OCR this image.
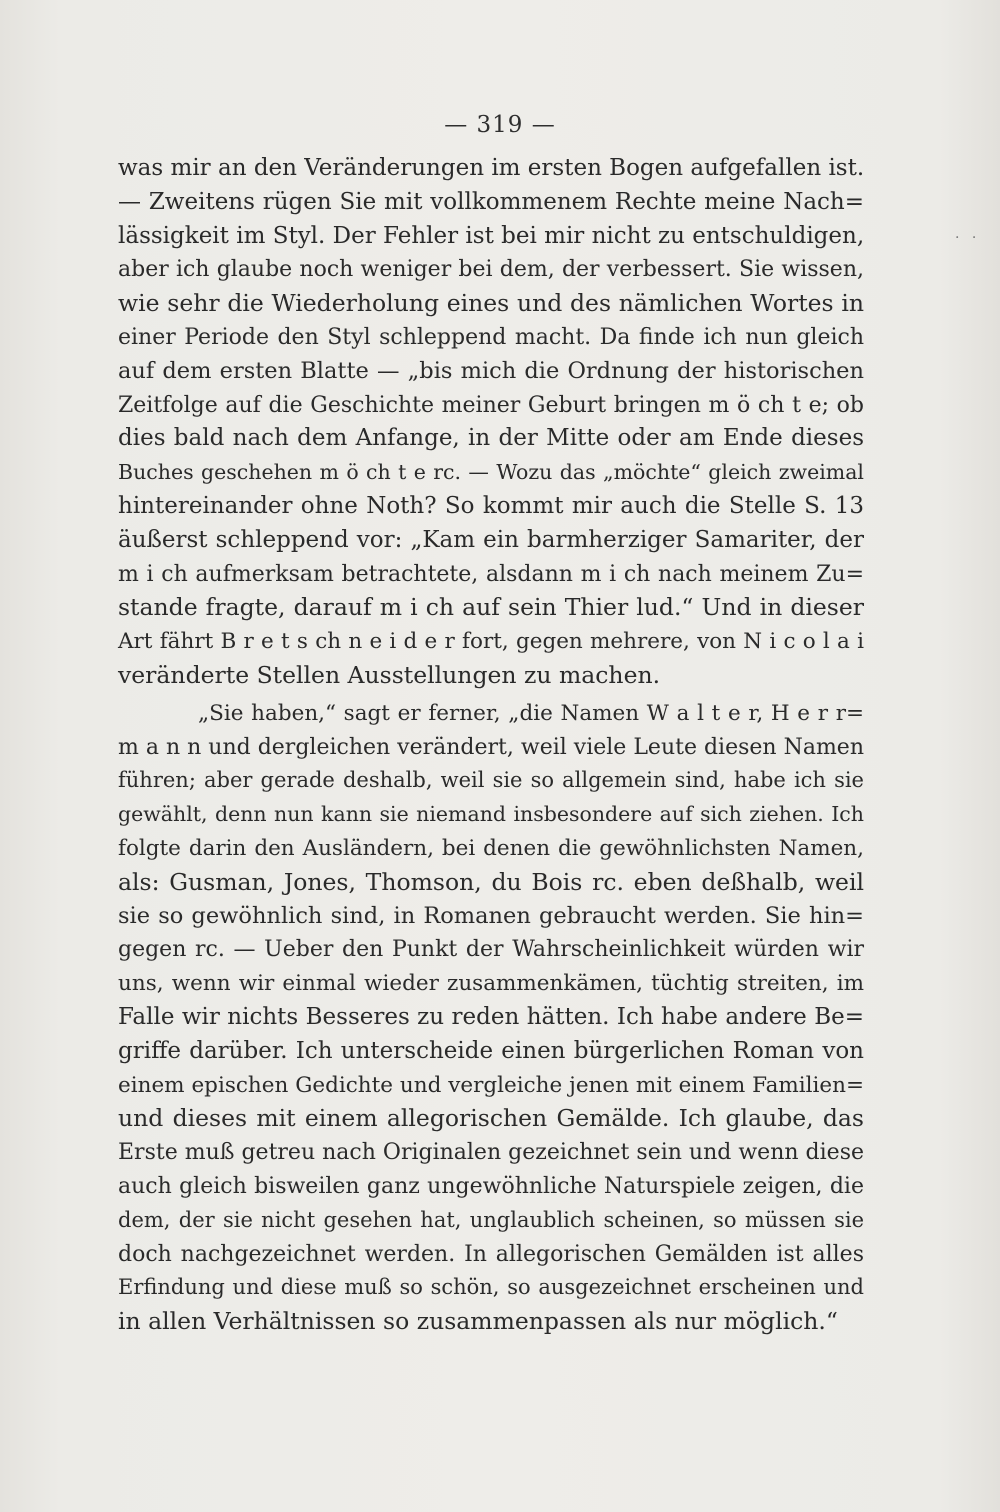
— 319 —
· ·
was mir an den Veränderungen im ersten Bogen aufgefallen ist.
— Zweitens rügen Sie mit vollkommenem Rechte meine Nach=
lässigkeit im Styl. Der Fehler ist bei mir nicht zu entschuldigen,
aber ich glaube noch weniger bei dem, der verbessert. Sie wissen,
wie sehr die Wiederholung eines und des nämlichen Wortes in
einer Periode den Styl schleppend macht. Da finde ich nun gleich
auf dem ersten Blatte — „bis mich die Ordnung der historischen
Zeitfolge auf die Geschichte meiner Geburt bringen m ö ch t e; ob
dies bald nach dem Anfange, in der Mitte oder am Ende dieses
Buches geschehen m ö ch t e rc. — Wozu das „möchte“ gleich zweimal
hintereinander ohne Noth? So kommt mir auch die Stelle S. 13
äußerst schleppend vor: „Kam ein barmherziger Samariter, der
m i ch aufmerksam betrachtete, alsdann m i ch nach meinem Zu=
stande fragte, darauf m i ch auf sein Thier lud.“ Und in dieser
Art fährt B r e t s ch n e i d e r fort, gegen mehrere, von N i c o l a i
veränderte Stellen Ausstellungen zu machen.
„Sie haben,“ sagt er ferner, „die Namen W a l t e r, H e r r=
m a n n und dergleichen verändert, weil viele Leute diesen Namen
führen; aber gerade deshalb, weil sie so allgemein sind, habe ich sie
gewählt, denn nun kann sie niemand insbesondere auf sich ziehen. Ich
folgte darin den Ausländern, bei denen die gewöhnlichsten Namen,
als: Gusman, Jones, Thomson, du Bois rc. eben deßhalb, weil
sie so gewöhnlich sind, in Romanen gebraucht werden. Sie hin=
gegen rc. — Ueber den Punkt der Wahrscheinlichkeit würden wir
uns, wenn wir einmal wieder zusammenkämen, tüchtig streiten, im
Falle wir nichts Besseres zu reden hätten. Ich habe andere Be=
griffe darüber. Ich unterscheide einen bürgerlichen Roman von
einem epischen Gedichte und vergleiche jenen mit einem Familien=
und dieses mit einem allegorischen Gemälde. Ich glaube, das
Erste muß getreu nach Originalen gezeichnet sein und wenn diese
auch gleich bisweilen ganz ungewöhnliche Naturspiele zeigen, die
dem, der sie nicht gesehen hat, unglaublich scheinen, so müssen sie
doch nachgezeichnet werden. In allegorischen Gemälden ist alles
Erfindung und diese muß so schön, so ausgezeichnet erscheinen und
in allen Verhältnissen so zusammenpassen als nur möglich.“
